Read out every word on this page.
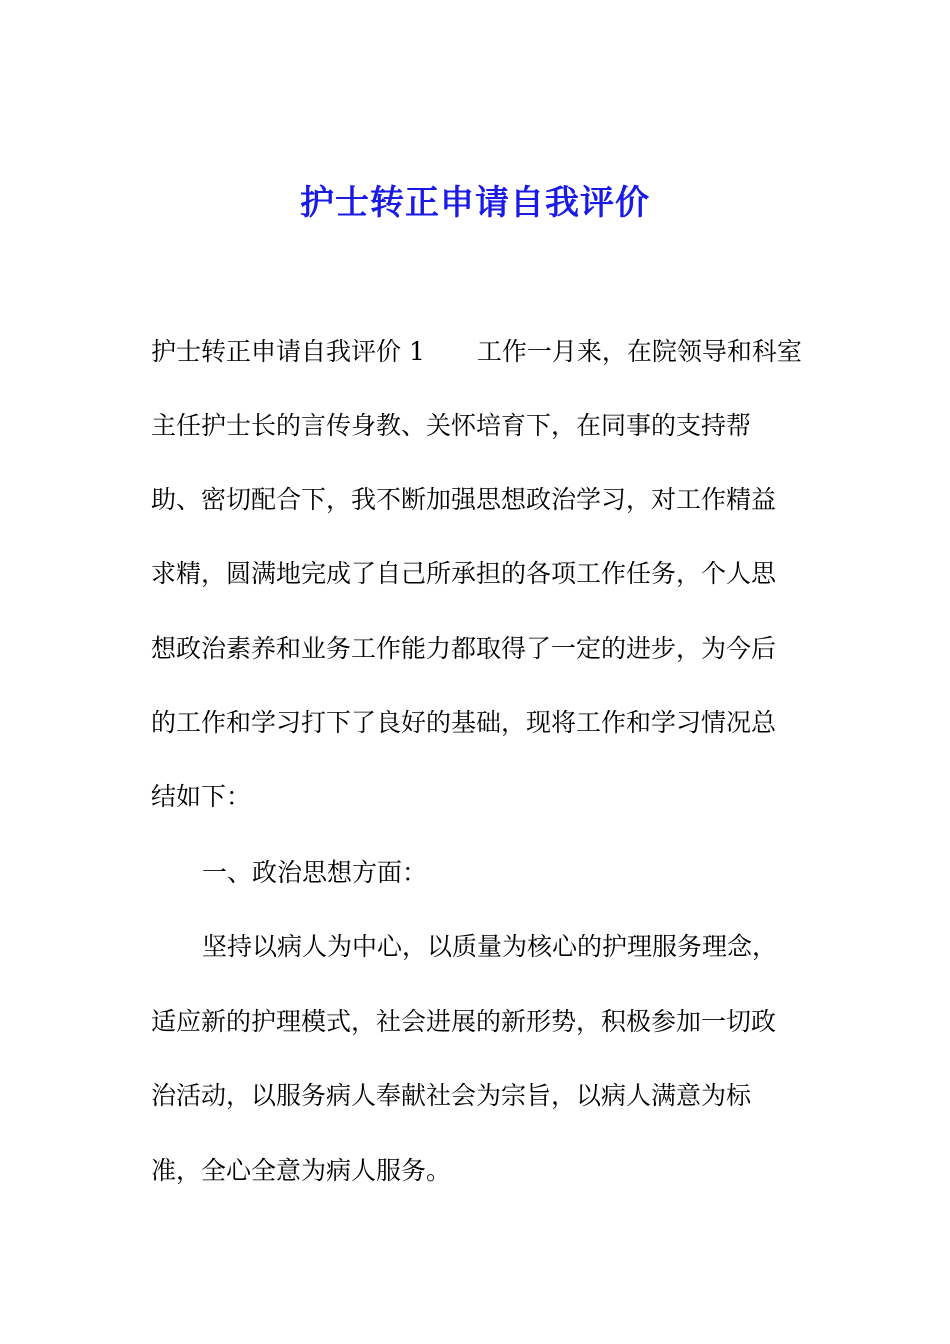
护士转正申请自我评价
护士转正申请自我评价 1 工作一月来，在院领导和科室
主任护士长的言传身教、关怀培育下，在同事的支持帮
助、密切配合下，我不断加强思想政治学习，对工作精益
求精，圆满地完成了自己所承担的各项工作任务，个人思
想政治素养和业务工作能力都取得了一定的进步，为今后
的工作和学习打下了良好的基础，现将工作和学习情况总
结如下：
一、政治思想方面：
坚持以病人为中心，以质量为核心的护理服务理念，
适应新的护理模式，社会进展的新形势，积极参加一切政
治活动，以服务病人奉献社会为宗旨，以病人满意为标
准，全心全意为病人服务。
